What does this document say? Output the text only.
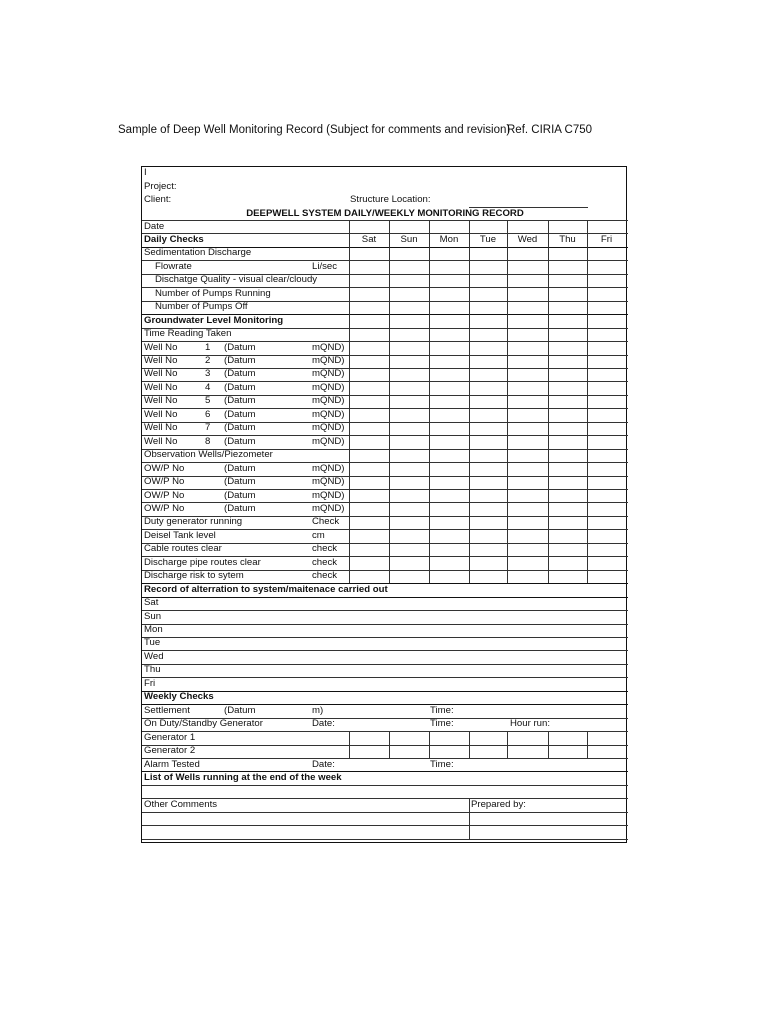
Sample of Deep Well Monitoring Record (Subject for comments and revision)
Ref. CIRIA C750
I
Project:
Client:	Structure Location:
DEEPWELL SYSTEM DAILY/WEEKLY MONITORING RECORD
Date
Daily Checks	Sat	Sun	Mon	Tue	Wed	Thu	Fri
Sedimentation Discharge
Flowrate	Li/sec
Dischatge Quality - visual clear/cloudy
Number of Pumps Running
Number of Pumps Off
Groundwater Level Monitoring
Time Reading Taken
Well No	1 (Datum	mQND)
Well No	2 (Datum	mQND)
Well No	3 (Datum	mQND)
Well No	4 (Datum	mQND)
Well No	5 (Datum	mQND)
Well No	6 (Datum	mQND)
Well No	7 (Datum	mQND)
Well No	8 (Datum	mQND)
Observation Wells/Piezometer
OW/P No	(Datum	mQND)
OW/P No	(Datum	mQND)
OW/P No	(Datum	mQND)
OW/P No	(Datum	mQND)
Duty generator running	Check
Deisel Tank level	cm
Cable routes clear	check
Discharge pipe routes clear	check
Discharge risk to sytem	check
Record of alterration to system/maitenace carried out
Sat
Sun
Mon
Tue
Wed
Thu
Fri
Weekly Checks
Settlement	(Datum	m)	Time:
On Duty/Standby Generator	Date:	Time:	Hour run:
Generator 1
Generator 2
Alarm Tested	Date:	Time:
List of Wells running at the end of the week
Other Comments	Prepared by:
